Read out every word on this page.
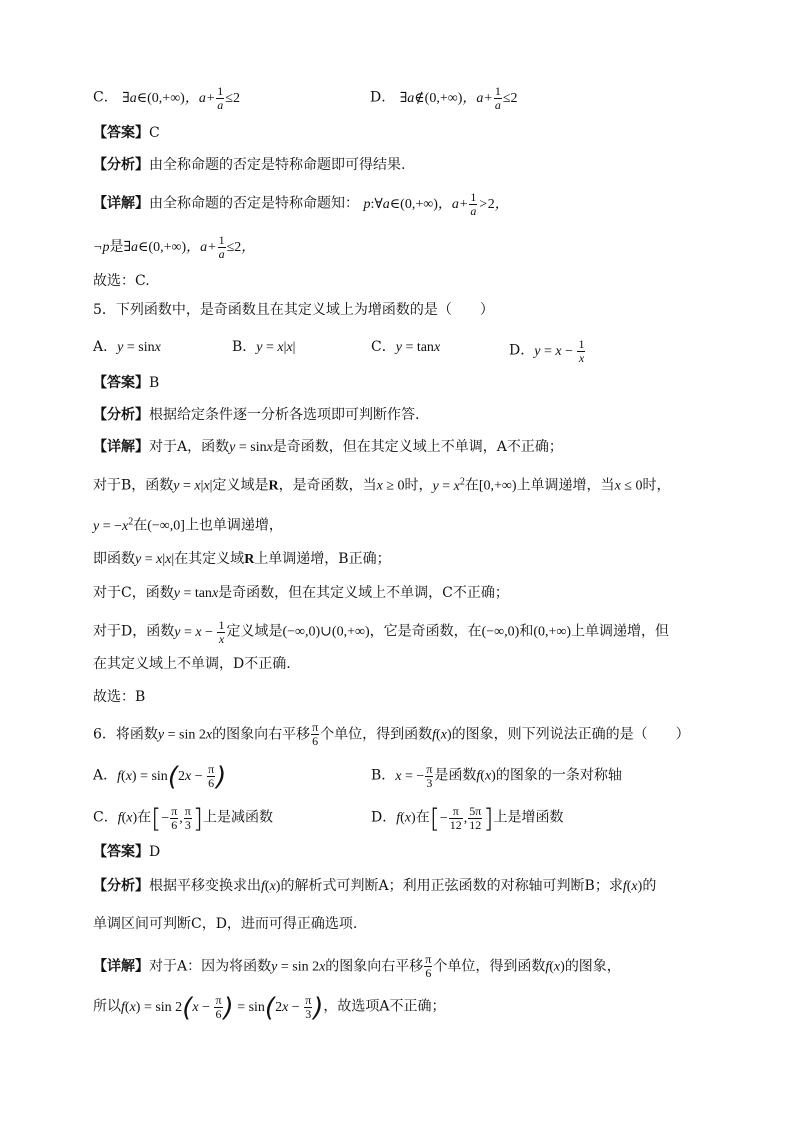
C． ∃a∈(0,+∞)，$a+ \frac{1}{a} \le 2$	D． ∃a∉(0,+∞)，$a+ \frac{1}{a} \le 2$
【答案】C
【分析】由全称命题的否定是特称命题即可得结果.
【详解】由全称命题的否定是特称命题知： p:∀a∈(0,+∞)，$a+ \frac{1}{a} >2$，
¬p是∃a∈(0,+∞)，$a+ \frac{1}{a} \le 2$，
故选：C.
5．下列函数中，是奇函数且在其定义域上为增函数的是（　　）
A．y = sinx	B．y = x|x|	C．y = tanx	D．$y = x - \frac{1}{x}$
【答案】B
【分析】根据给定条件逐一分析各选项即可判断作答.
【详解】对于A，函数y = sinx是奇函数，但在其定义域上不单调，A不正确；
对于B，函数y = x|x|定义域是R，是奇函数，当x ≥ 0时，$y = x^2$在[0,+∞)上单调递增，当x ≤ 0时，
$y = -x^2$在(−∞,0]上也单调递增，
即函数y = x|x|在其定义域R上单调递增，B正确；
对于C，函数y = tanx是奇函数，但在其定义域上不单调，C不正确；
对于D，函数$y = x - \frac{1}{x}$ 定义域是(−∞,0)∪(0,+∞)，它是奇函数，在(−∞,0)和(0,+∞)上单调递增，但
在其定义域上不单调，D不正确.
故选：B
6．将函数y = sin 2x的图象向右平移 $\frac{\pi}{6}$ 个单位，得到函数f(x)的图象，则下列说法正确的是（　　）
A．$f(x) = \sin(2x - \frac{\pi}{6}$ )	B．x = − $\frac{\pi}{3}$ 是函数f(x)的图象的一条对称轴
C．f(x)在[− $\frac{\pi}{6}$ , $\frac{\pi}{3}$ ]上是减函数	D．f(x)在[− $\frac{\pi}{12}$ , $\frac{5\pi}{12}$ ]上是增函数
【答案】D
【分析】根据平移变换求出f(x)的解析式可判断A；利用正弦函数的对称轴可判断B；求f(x)的
单调区间可判断C，D，进而可得正确选项.
【详解】对于A：因为将函数y = sin 2x的图象向右平移 $\frac{\pi}{6}$ 个单位，得到函数f(x)的图象，
所以$f(x) = \sin 2(x - \frac{\pi}{6}$ ) = $\sin(2x - \frac{\pi}{3}$ )，故选项A不正确；
